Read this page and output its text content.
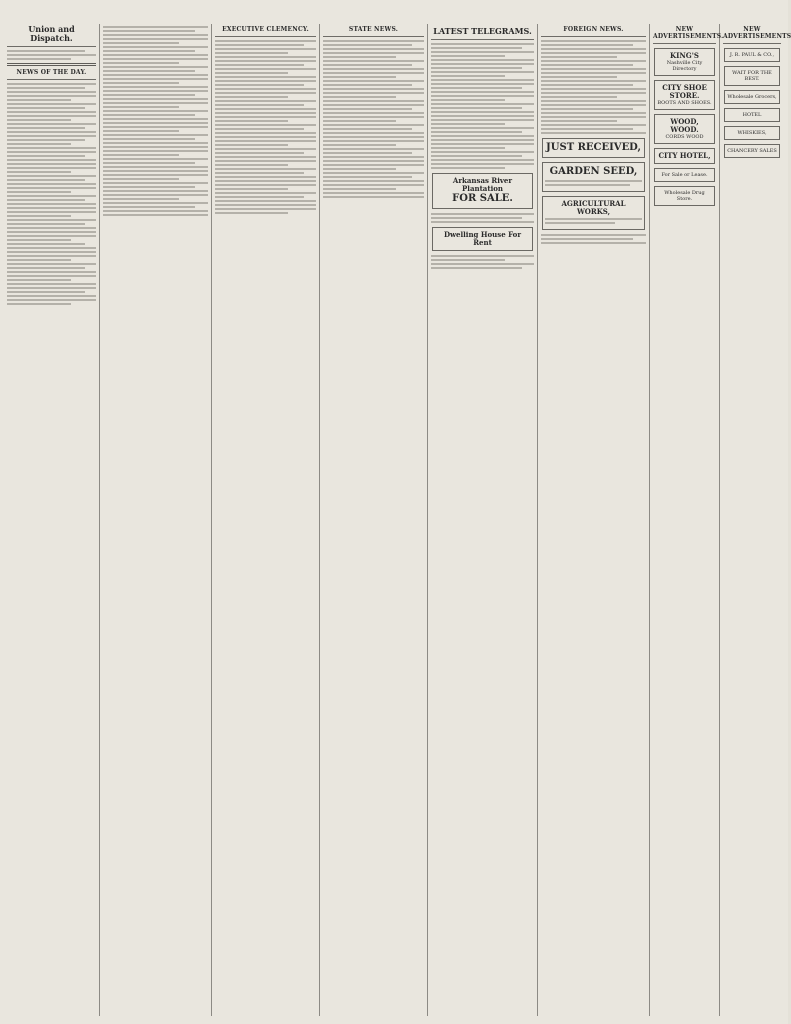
Union and Dispatch.
NEWS OF THE DAY.
EXECUTIVE CLEMENCY.	STATE NEWS.	LATEST TELEGRAMS.
Arkansas River Plantation
FOR SALE.
Dwelling House For Rent
FOREIGN NEWS.
JUST RECEIVED,
GARDEN SEED,
AGRICULTURAL WORKS,
NEW ADVERTISEMENTS.
KING'S
Nashville City Directory
CITY SHOE STORE.
BOOTS AND SHOES.
WOOD, WOOD.
CORDS WOOD
CITY HOTEL,
For Sale or Lease.
Wholesale Drug Store.
NEW ADVERTISEMENTS
J. R. PAUL & CO.,
WAIT FOR THE BEST.
Wholesale Grocers,
HOTEL
WHISKIES,
CHANCERY SALES
